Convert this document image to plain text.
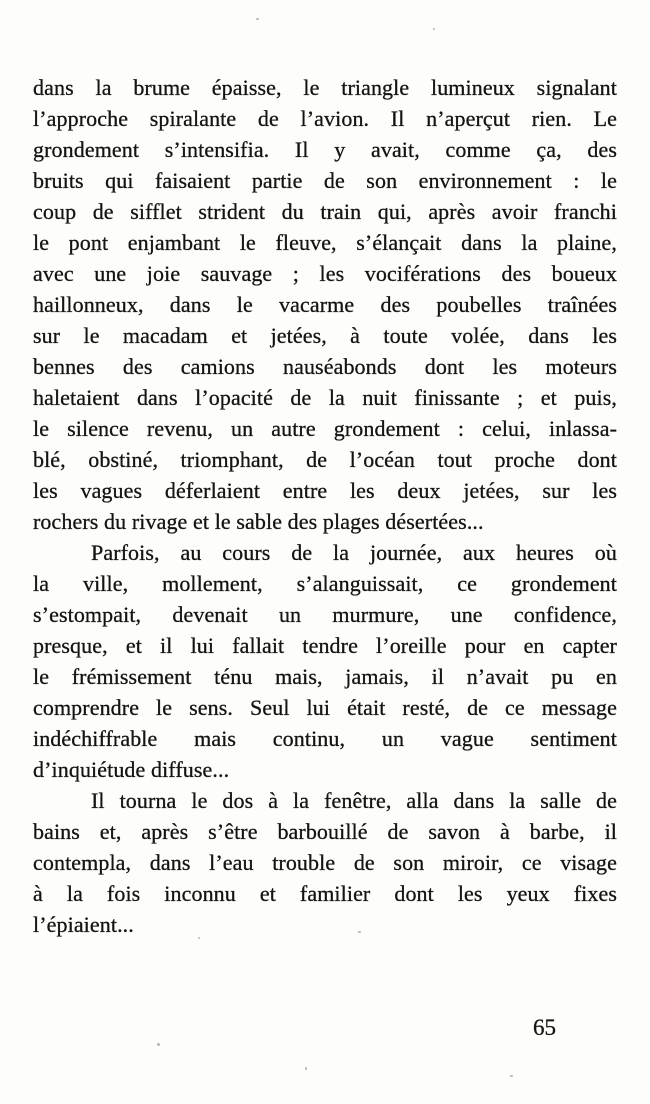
dans la brume épaisse, le triangle lumineux signalant
l’approche spiralante de l’avion. Il n’aperçut rien. Le
grondement s’intensifia. Il y avait, comme ça, des
bruits qui faisaient partie de son environnement : le
coup de sifflet strident du train qui, après avoir franchi
le pont enjambant le fleuve, s’élançait dans la plaine,
avec une joie sauvage ; les vociférations des boueux
haillonneux, dans le vacarme des poubelles traînées
sur le macadam et jetées, à toute volée, dans les
bennes des camions nauséabonds dont les moteurs
haletaient dans l’opacité de la nuit finissante ; et puis,
le silence revenu, un autre grondement : celui, inlassa-
blé, obstiné, triomphant, de l’océan tout proche dont
les vagues déferlaient entre les deux jetées, sur les
rochers du rivage et le sable des plages désertées...
Parfois, au cours de la journée, aux heures où
la ville, mollement, s’alanguissait, ce grondement
s’estompait, devenait un murmure, une confidence,
presque, et il lui fallait tendre l’oreille pour en capter
le frémissement ténu mais, jamais, il n’avait pu en
comprendre le sens. Seul lui était resté, de ce message
indéchiffrable mais continu, un vague sentiment
d’inquiétude diffuse...
Il tourna le dos à la fenêtre, alla dans la salle de
bains et, après s’être barbouillé de savon à barbe, il
contempla, dans l’eau trouble de son miroir, ce visage
à la fois inconnu et familier dont les yeux fixes
l’épiaient...
65
